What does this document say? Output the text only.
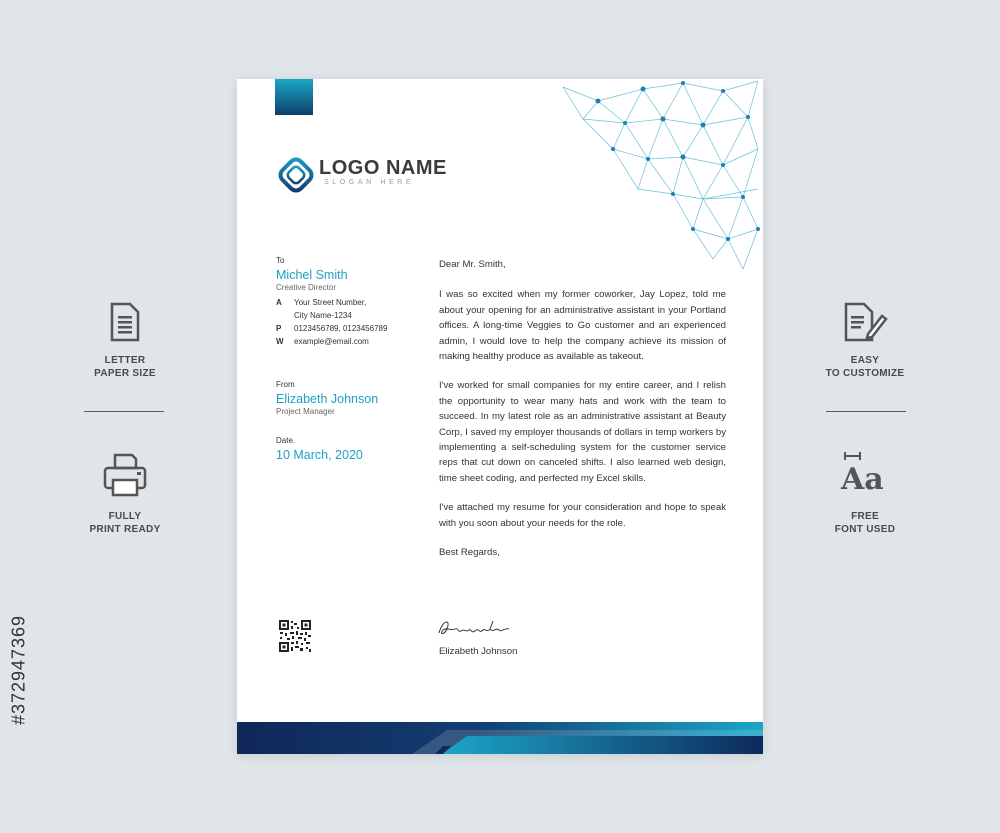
#372947369
LETTER
PAPER SIZE
FULLY
PRINT READY
EASY
TO CUSTOMIZE
Aa
FREE
FONT USED
LOGO NAME
SLOGAN HERE
To
Michel Smith
Creative Director
A	Your Street Number,
City Name-1234
P	0123456789, 0123456789
W	example@email.com
From
Elizabeth Johnson
Project Manager
Date.
10 March, 2020

Dear Mr. Smith,

I was so excited when my former coworker, Jay Lopez, told me about your opening for an administrative assistant in your Portland offices. A long-time Veggies to Go customer and an experienced admin, I would love to help the company achieve its mission of making healthy produce as available as takeout.

I've worked for small companies for my entire career, and I relish the opportunity to wear many hats and work with the team to succeed. In my latest role as an administrative assistant at Beauty Corp, I saved my employer thousands of dollars in temp workers by implementing a self-scheduling system for the customer service reps that cut down on canceled shifts. I also learned web design, time sheet coding, and perfected my Excel skills.

I've attached my resume for your consideration and hope to speak with you soon about your needs for the role.

Best Regards,

Elizabeth Johnson
